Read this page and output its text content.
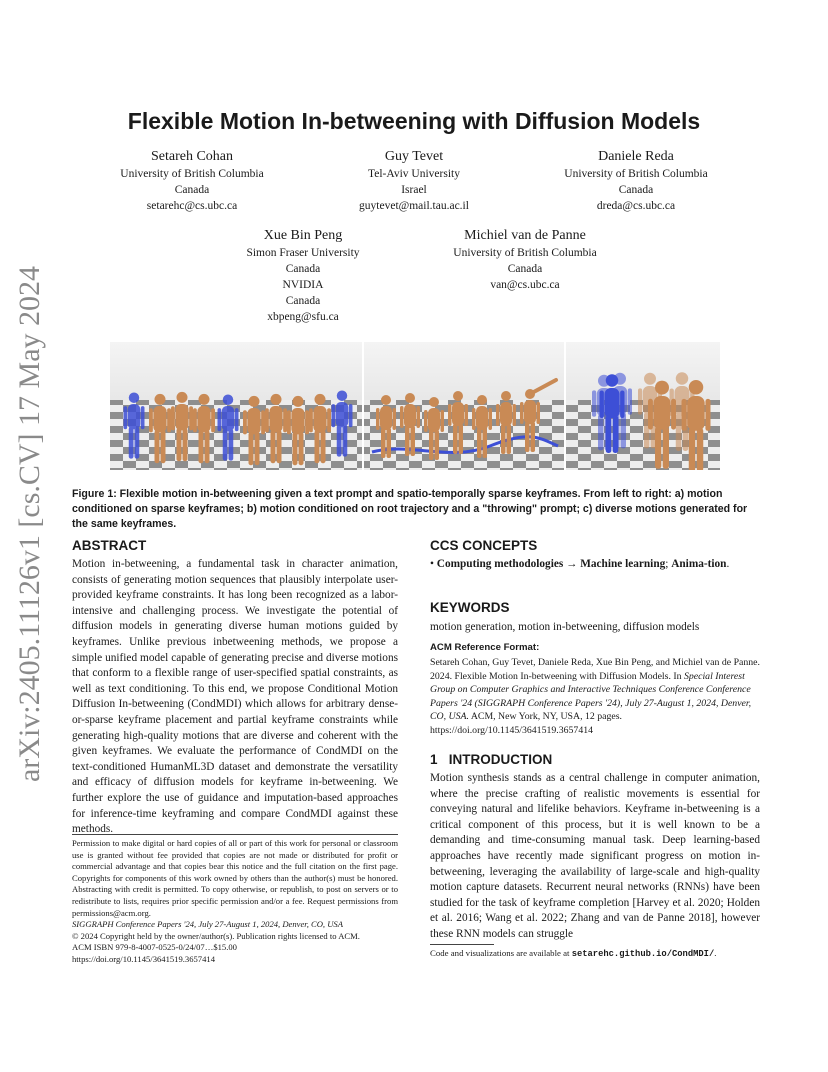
arXiv:2405.11126v1 [cs.CV] 17 May 2024
Flexible Motion In-betweening with Diffusion Models
Setareh Cohan
University of British Columbia
Canada
setarehc@cs.ubc.ca
Guy Tevet
Tel-Aviv University
Israel
guytevet@mail.tau.ac.il
Daniele Reda
University of British Columbia
Canada
dreda@cs.ubc.ca
Xue Bin Peng
Simon Fraser University
Canada
NVIDIA
Canada
xbpeng@sfu.ca
Michiel van de Panne
University of British Columbia
Canada
van@cs.ubc.ca
Figure 1: Flexible motion in-betweening given a text prompt and spatio-temporally sparse keyframes. From left to right: a) motion conditioned on sparse keyframes; b) motion conditioned on root trajectory and a "throwing" prompt; c) diverse motions generated for the same keyframes.
ABSTRACT
Motion in-betweening, a fundamental task in character animation, consists of generating motion sequences that plausibly interpolate user-provided keyframe constraints. It has long been recognized as a labor-intensive and challenging process. We investigate the potential of diffusion models in generating diverse human motions guided by keyframes. Unlike previous inbetweening methods, we propose a simple unified model capable of generating precise and diverse motions that conform to a flexible range of user-specified spatial constraints, as well as text conditioning. To this end, we propose Conditional Motion Diffusion In-betweening (CondMDI) which allows for arbitrary dense-or-sparse keyframe placement and partial keyframe constraints while generating high-quality motions that are diverse and coherent with the given keyframes. We evaluate the performance of CondMDI on the text-conditioned HumanML3D dataset and demonstrate the versatility and efficacy of diffusion models for keyframe in-betweening. We further explore the use of guidance and imputation-based approaches for inference-time keyframing and compare CondMDI against these methods.
Permission to make digital or hard copies of all or part of this work for personal or classroom use is granted without fee provided that copies are not made or distributed for profit or commercial advantage and that copies bear this notice and the full citation on the first page. Copyrights for components of this work owned by others than the author(s) must be honored. Abstracting with credit is permitted. To copy otherwise, or republish, to post on servers or to redistribute to lists, requires prior specific permission and/or a fee. Request permissions from permissions@acm.org.
SIGGRAPH Conference Papers '24, July 27-August 1, 2024, Denver, CO, USA
© 2024 Copyright held by the owner/author(s). Publication rights licensed to ACM.
ACM ISBN 979-8-4007-0525-0/24/07…$15.00
https://doi.org/10.1145/3641519.3657414
CCS CONCEPTS
• Computing methodologies → Machine learning; Anima-tion.
KEYWORDS
motion generation, motion in-betweening, diffusion models
ACM Reference Format:
Setareh Cohan, Guy Tevet, Daniele Reda, Xue Bin Peng, and Michiel van de Panne. 2024. Flexible Motion In-betweening with Diffusion Models. In Special Interest Group on Computer Graphics and Interactive Techniques Conference Conference Papers '24 (SIGGRAPH Conference Papers '24), July 27-August 1, 2024, Denver, CO, USA. ACM, New York, NY, USA, 12 pages. https://doi.org/10.1145/3641519.3657414
1 INTRODUCTION
Motion synthesis stands as a central challenge in computer animation, where the precise crafting of realistic movements is essential for conveying natural and lifelike behaviors. Keyframe in-betweening is a critical component of this process, but it is well known to be a demanding and time-consuming manual task. Deep learning-based approaches have recently made significant progress on motion in-betweening, leveraging the availability of large-scale and high-quality motion capture datasets. Recurrent neural networks (RNNs) have been studied for the task of keyframe completion [Harvey et al. 2020; Holden et al. 2016; Wang et al. 2022; Zhang and van de Panne 2018], however these RNN models can struggle
Code and visualizations are available at setarehc.github.io/CondMDI/.
